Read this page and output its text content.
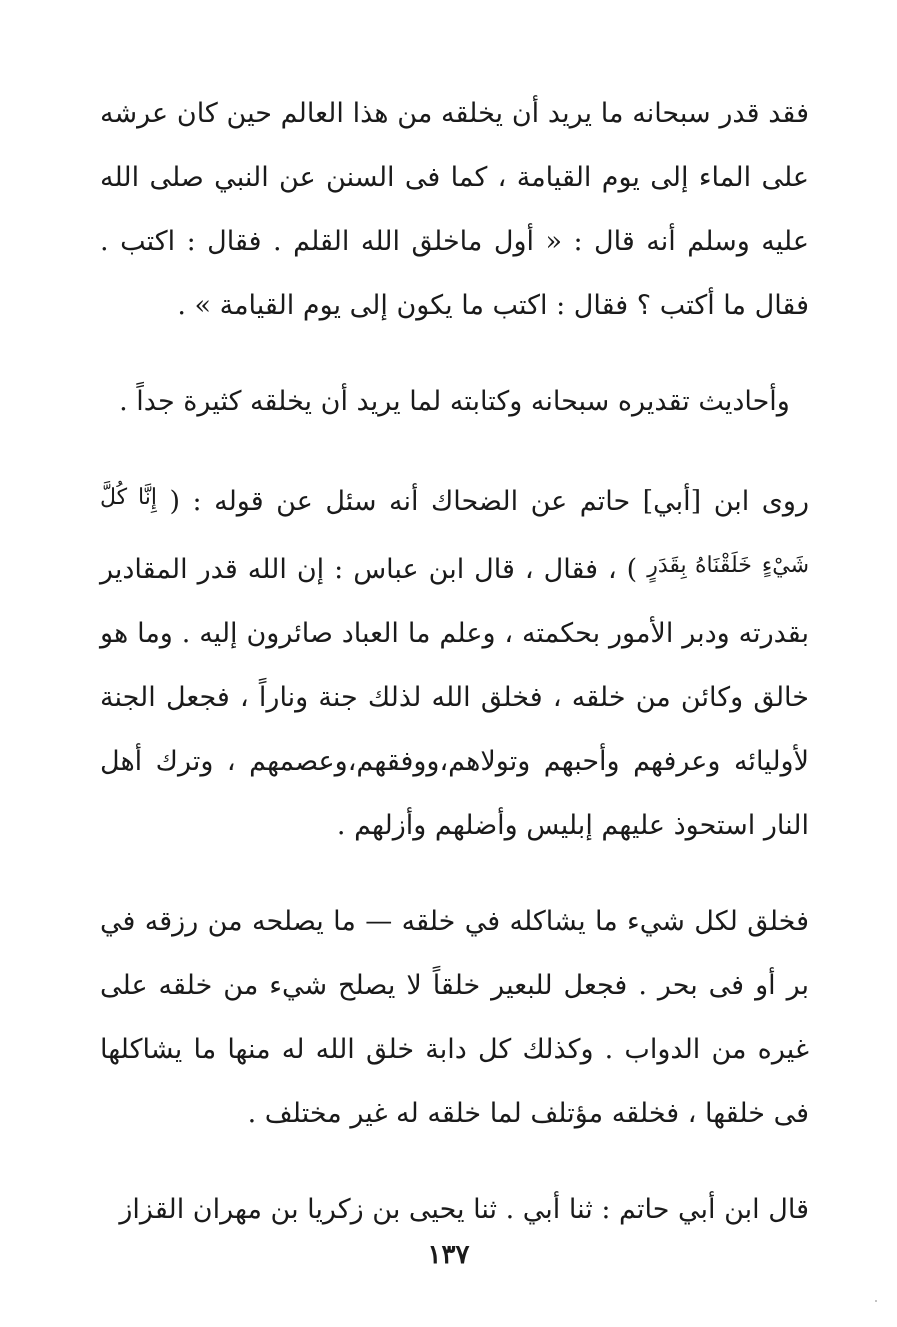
فقد قدر سبحانه ما يريد أن يخلقه من هذا العالم حين كان عرشه على الماء إلى يوم القيامة ، كما فى السنن عن النبي صلى الله عليه وسلم أنه قال : « أول ماخلق الله القلم . فقال : اكتب . فقال ما أكتب ؟ فقال : اكتب ما يكون إلى يوم القيامة » .

وأحاديث تقديره سبحانه وكتابته لما يريد أن يخلقه كثيرة جداً .

روى ابن [أبي] حاتم عن الضحاك أنه سئل عن قوله : ( $^{إِنَّا كُلَّ شَيْءٍ}$ $^{خَلَقْنَاهُ بِقَدَرٍ}$ ) ، فقال ، قال ابن عباس : إن الله قدر المقادير بقدرته ودبر الأمور بحكمته ، وعلم ما العباد صائرون إليه . وما هو خالق وكائن من خلقه ، فخلق الله لذلك جنة وناراً ، فجعل الجنة لأوليائه وعرفهم وأحبهم وتولاهم،ووفقهم،وعصمهم ، وترك أهل النار استحوذ عليهم إبليس وأضلهم وأزلهم .

فخلق لكل شيء ما يشاكله في خلقه — ما يصلحه من رزقه في بر أو فى بحر . فجعل للبعير خلقاً لا يصلح شيء من خلقه على غيره من الدواب . وكذلك كل دابة خلق الله له منها ما يشاكلها فى خلقها ، فخلقه مؤتلف لما خلقه له غير مختلف .

قال ابن أبي حاتم : ثنا أبي . ثنا يحيى بن زكريا بن مهران القزاز

١٣٧
